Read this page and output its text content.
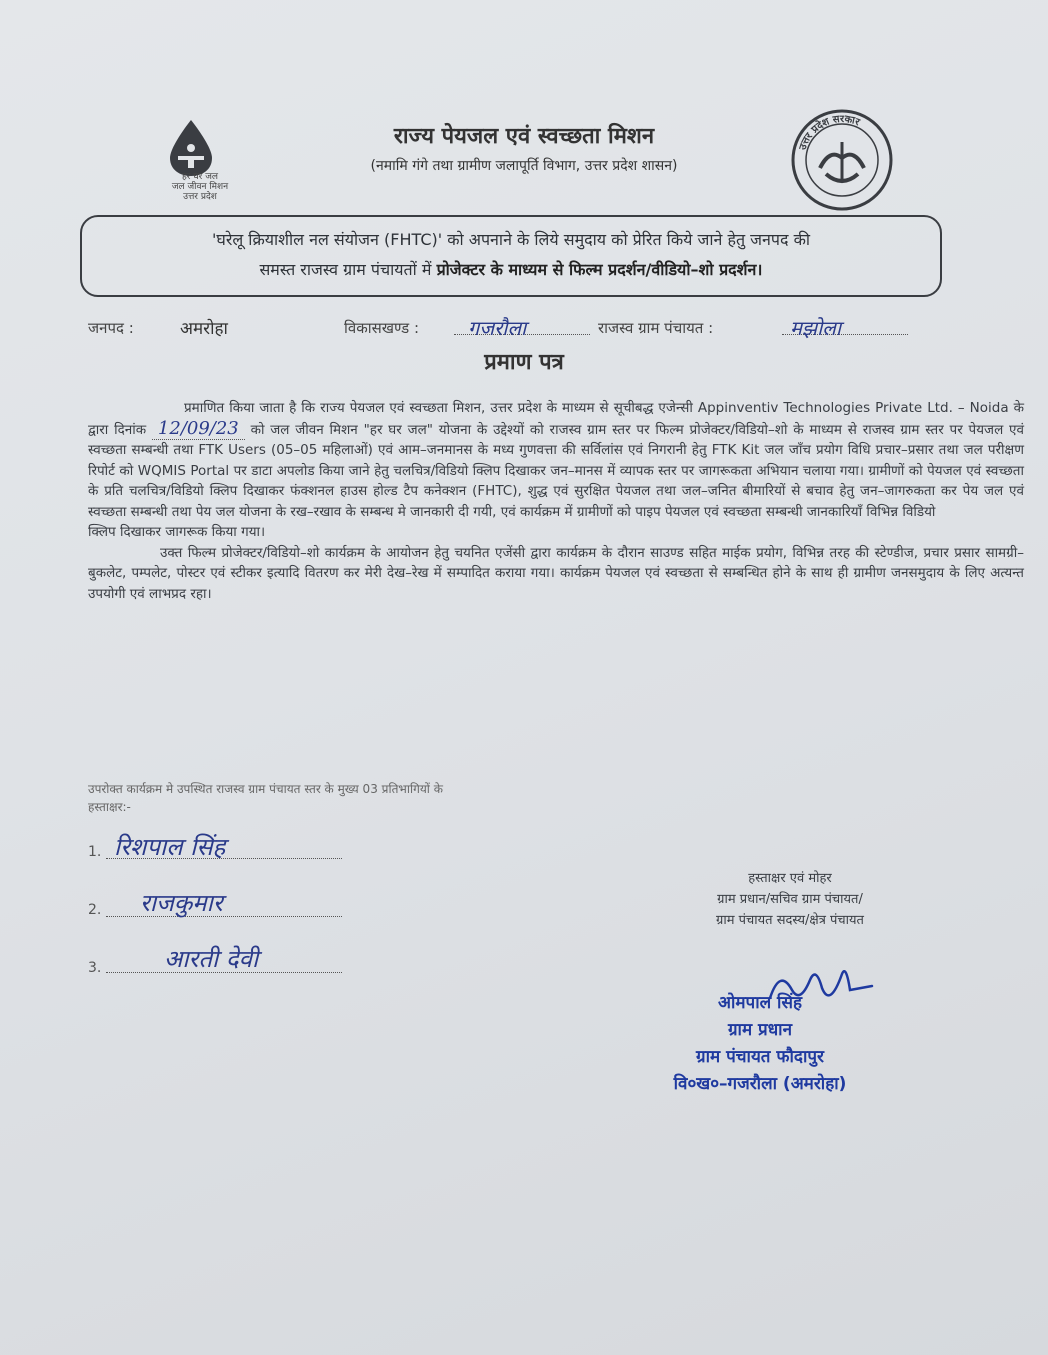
हर घर जल
जल जीवन मिशन
उत्तर प्रदेश
राज्य पेयजल एवं स्वच्छता मिशन
(नमामि गंगे तथा ग्रामीण जलापूर्ति विभाग, उत्तर प्रदेश शासन)
उत्तर प्रदेश सरकार
'घरेलू क्रियाशील नल संयोजन (FHTC)' को अपनाने के लिये समुदाय को प्रेरित किये जाने हेतु जनपद की
समस्त राजस्व ग्राम पंचायतों में प्रोजेक्टर के माध्यम से फिल्म प्रदर्शन/वीडियो–शो प्रदर्शन।
जनपद :	अमरोहा	विकासखण्ड : गजरौला	राजस्व ग्राम पंचायत :	मझोला
प्रमाण पत्र

प्रमाणित किया जाता है कि राज्य पेयजल एवं स्वच्छता मिशन, उत्तर प्रदेश के माध्यम से सूचीबद्ध एजेन्सी Appinventiv Technologies Private Ltd. – Noida के द्वारा दिनांक 12/09/23 को जल जीवन मिशन "हर घर जल" योजना के उद्देश्यों को राजस्व ग्राम स्तर पर फिल्म प्रोजेक्टर/विडियो–शो के माध्यम से राजस्व ग्राम स्तर पर पेयजल एवं स्वच्छता सम्बन्धी तथा FTK Users (05–05 महिलाओं) एवं आम–जनमानस के मध्य गुणवत्ता की सर्विलांस एवं निगरानी हेतु FTK Kit जल जाँच प्रयोग विधि प्रचार–प्रसार तथा जल परीक्षण रिपोर्ट को WQMIS Portal पर डाटा अपलोड किया जाने हेतु चलचित्र/विडियो क्लिप दिखाकर जन–मानस में व्यापक स्तर पर जागरूकता अभियान चलाया गया। ग्रामीणों को पेयजल एवं स्वच्छता के प्रति चलचित्र/विडियो क्लिप दिखाकर फंक्शनल हाउस होल्ड टैप कनेक्शन (FHTC), शुद्ध एवं सुरक्षित पेयजल तथा जल–जनित बीमारियों से बचाव हेतु जन–जागरुकता कर पेय जल एवं स्वच्छता सम्बन्धी तथा पेय जल योजना के रख–रखाव के सम्बन्ध मे जानकारी दी गयी, एवं कार्यक्रम में ग्रामीणों को पाइप पेयजल एवं स्वच्छता सम्बन्धी जानकारियाँ विभिन्न विडियो

क्लिप दिखाकर जागरूक किया गया।

उक्त फिल्म प्रोजेक्टर/विडियो–शो कार्यक्रम के आयोजन हेतु चयनित एजेंसी द्वारा कार्यक्रम के दौरान साउण्ड सहित माईक प्रयोग, विभिन्न तरह की स्टेण्डीज, प्रचार प्रसार सामग्री–बुकलेट, पम्पलेट, पोस्टर एवं स्टीकर इत्यादि वितरण कर मेरी देख–रेख में सम्पादित कराया गया। कार्यक्रम पेयजल एवं स्वच्छता से सम्बन्धित होने के साथ ही ग्रामीण जनसमुदाय के लिए अत्यन्त उपयोगी एवं लाभप्रद रहा।

उपरोक्त कार्यक्रम मे उपस्थित राजस्व ग्राम पंचायत स्तर के मुख्य 03 प्रतिभागियों के
हस्ताक्षर:-
1. रिशपाल सिंह
2. राजकुमार
3.	आरती देवी
हस्ताक्षर एवं मोहर
ग्राम प्रधान/सचिव ग्राम पंचायत/
ग्राम पंचायत सदस्य/क्षेत्र पंचायत
ओमपाल सिंह
ग्राम प्रधान
ग्राम पंचायत फौदापुर
वि०ख०–गजरौला (अमरोहा)
